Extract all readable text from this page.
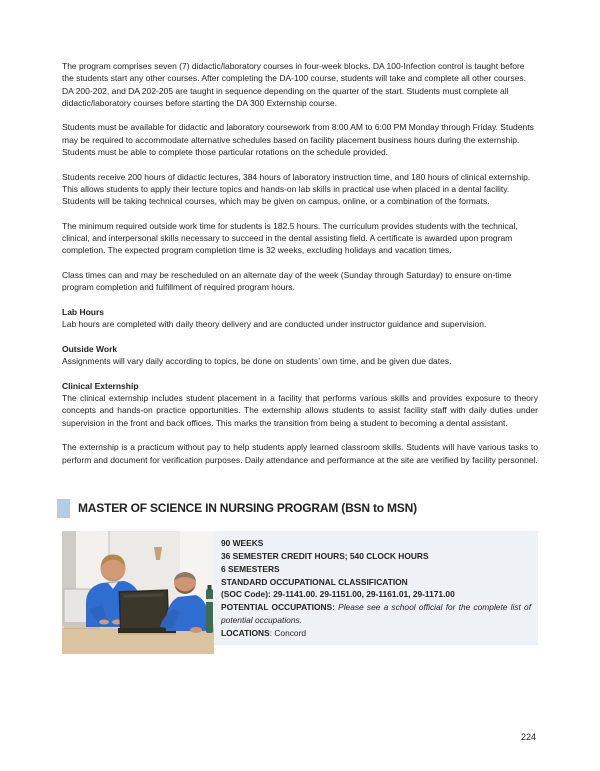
The program comprises seven (7) didactic/laboratory courses in four-week blocks. DA 100-Infection control is taught before the students start any other courses. After completing the DA-100 course, students will take and complete all other courses. DA 200-202, and DA 202-205 are taught in sequence depending on the quarter of the start. Students must complete all didactic/laboratory courses before starting the DA 300 Externship course.

Students must be available for didactic and laboratory coursework from 8:00 AM to 6:00 PM Monday through Friday. Students may be required to accommodate alternative schedules based on facility placement business hours during the externship. Students must be able to complete those particular rotations on the schedule provided.

Students receive 200 hours of didactic lectures, 384 hours of laboratory instruction time, and 180 hours of clinical externship. This allows students to apply their lecture topics and hands-on lab skills in practical use when placed in a dental facility. Students will be taking technical courses, which may be given on campus, online, or a combination of the formats.

The minimum required outside work time for students is 182.5 hours. The curriculum provides students with the technical, clinical, and interpersonal skills necessary to succeed in the dental assisting field. A certificate is awarded upon program completion. The expected program completion time is 32 weeks, excluding holidays and vacation times.

Class times can and may be rescheduled on an alternate day of the week (Sunday through Saturday) to ensure on-time program completion and fulfillment of required program hours.

Lab Hours

Lab hours are completed with daily theory delivery and are conducted under instructor guidance and supervision.

Outside Work

Assignments will vary daily according to topics, be done on students’ own time, and be given due dates.

Clinical Externship

The clinical externship includes student placement in a facility that performs various skills and provides exposure to theory concepts and hands-on practice opportunities. The externship allows students to assist facility staff with daily duties under supervision in the front and back offices. This marks the transition from being a student to becoming a dental assistant.

The externship is a practicum without pay to help students apply learned classroom skills. Students will have various tasks to perform and document for verification purposes. Daily attendance and performance at the site are verified by facility personnel.

MASTER OF SCIENCE IN NURSING PROGRAM (BSN to MSN)
90 WEEKS
36 SEMESTER CREDIT HOURS; 540 CLOCK HOURS
6 SEMESTERS
STANDARD OCCUPATIONAL CLASSIFICATION
(SOC Code): 29-1141.00. 29-1151.00, 29-1161.01, 29-1171.00
POTENTIAL OCCUPATIONS: Please see a school official for the complete list of potential occupations.
LOCATIONS: Concord
224
